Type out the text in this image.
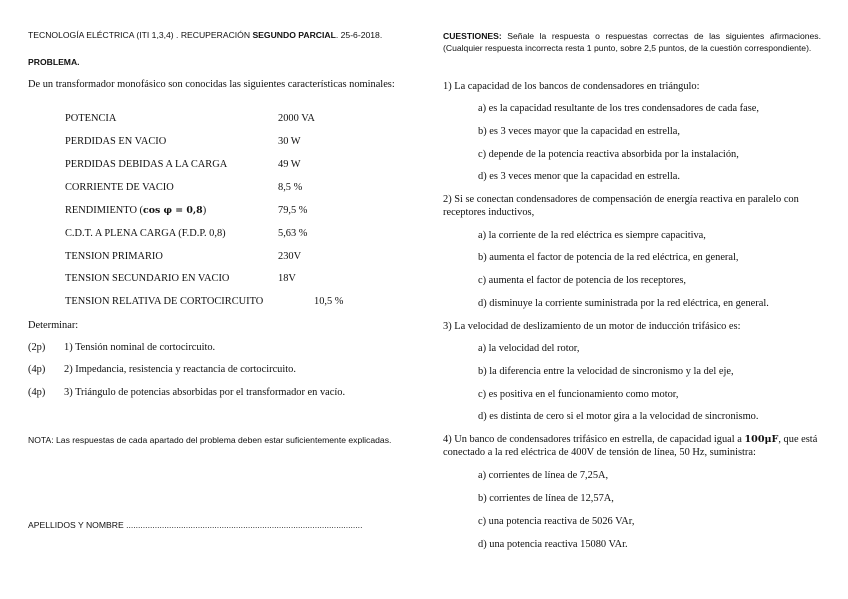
TECNOLOGÍA ELÉCTRICA (ITI 1,3,4) . RECUPERACIÓN SEGUNDO PARCIAL. 25-6-2018.
PROBLEMA.
De un transformador monofásico son conocidas las siguientes características nominales:
POTENCIA	2000 VA
PERDIDAS EN VACIO	30 W
PERDIDAS DEBIDAS A LA CARGA	49 W
CORRIENTE DE VACIO	8,5 %
RENDIMIENTO (cos φ = 0,8)	79,5 %
C.D.T. A PLENA CARGA (F.D.P. 0,8)	5,63 %
TENSION PRIMARIO	230V
TENSION SECUNDARIO EN VACIO	18V
TENSION RELATIVA DE CORTOCIRCUITO	10,5 %
Determinar:
(2p) 1) Tensión nominal de cortocircuito.
(4p) 2) Impedancia, resistencia y reactancia de cortocircuito.
(4p) 3) Triángulo de potencias absorbidas por el transformador en vacío.
NOTA: Las respuestas de cada apartado del problema deben estar suficientemente explicadas.
APELLIDOS Y NOMBRE ...................................................................................................
CUESTIONES: Señale la respuesta o respuestas correctas de las siguientes afirmaciones. (Cualquier respuesta incorrecta resta 1 punto, sobre 2,5 puntos, de la cuestión correspondiente).
1) La capacidad de los bancos de condensadores en triángulo:
a) es la capacidad resultante de los tres condensadores de cada fase,
b) es 3 veces mayor que la capacidad en estrella,
c) depende de la potencia reactiva absorbida por la instalación,
d) es 3 veces menor que la capacidad en estrella.
2) Si se conectan condensadores de compensación de energía reactiva en paralelo con receptores inductivos,
a) la corriente de la red eléctrica es siempre capacitiva,
b) aumenta el factor de potencia de la red eléctrica, en general,
c) aumenta el factor de potencia de los receptores,
d) disminuye la corriente suministrada por la red eléctrica, en general.
3) La velocidad de deslizamiento de un motor de inducción trifásico es:
a) la velocidad del rotor,
b) la diferencia entre la velocidad de sincronismo y la del eje,
c) es positiva en el funcionamiento como motor,
d) es distinta de cero si el motor gira a la velocidad de sincronismo.
4) Un banco de condensadores trifásico en estrella, de capacidad igual a 100μF, que está conectado a la red eléctrica de 400V de tensión de línea, 50 Hz, suministra:
a) corrientes de línea de 7,25A,
b) corrientes de línea de 12,57A,
c) una potencia reactiva de 5026 VAr,
d) una potencia reactiva 15080 VAr.
